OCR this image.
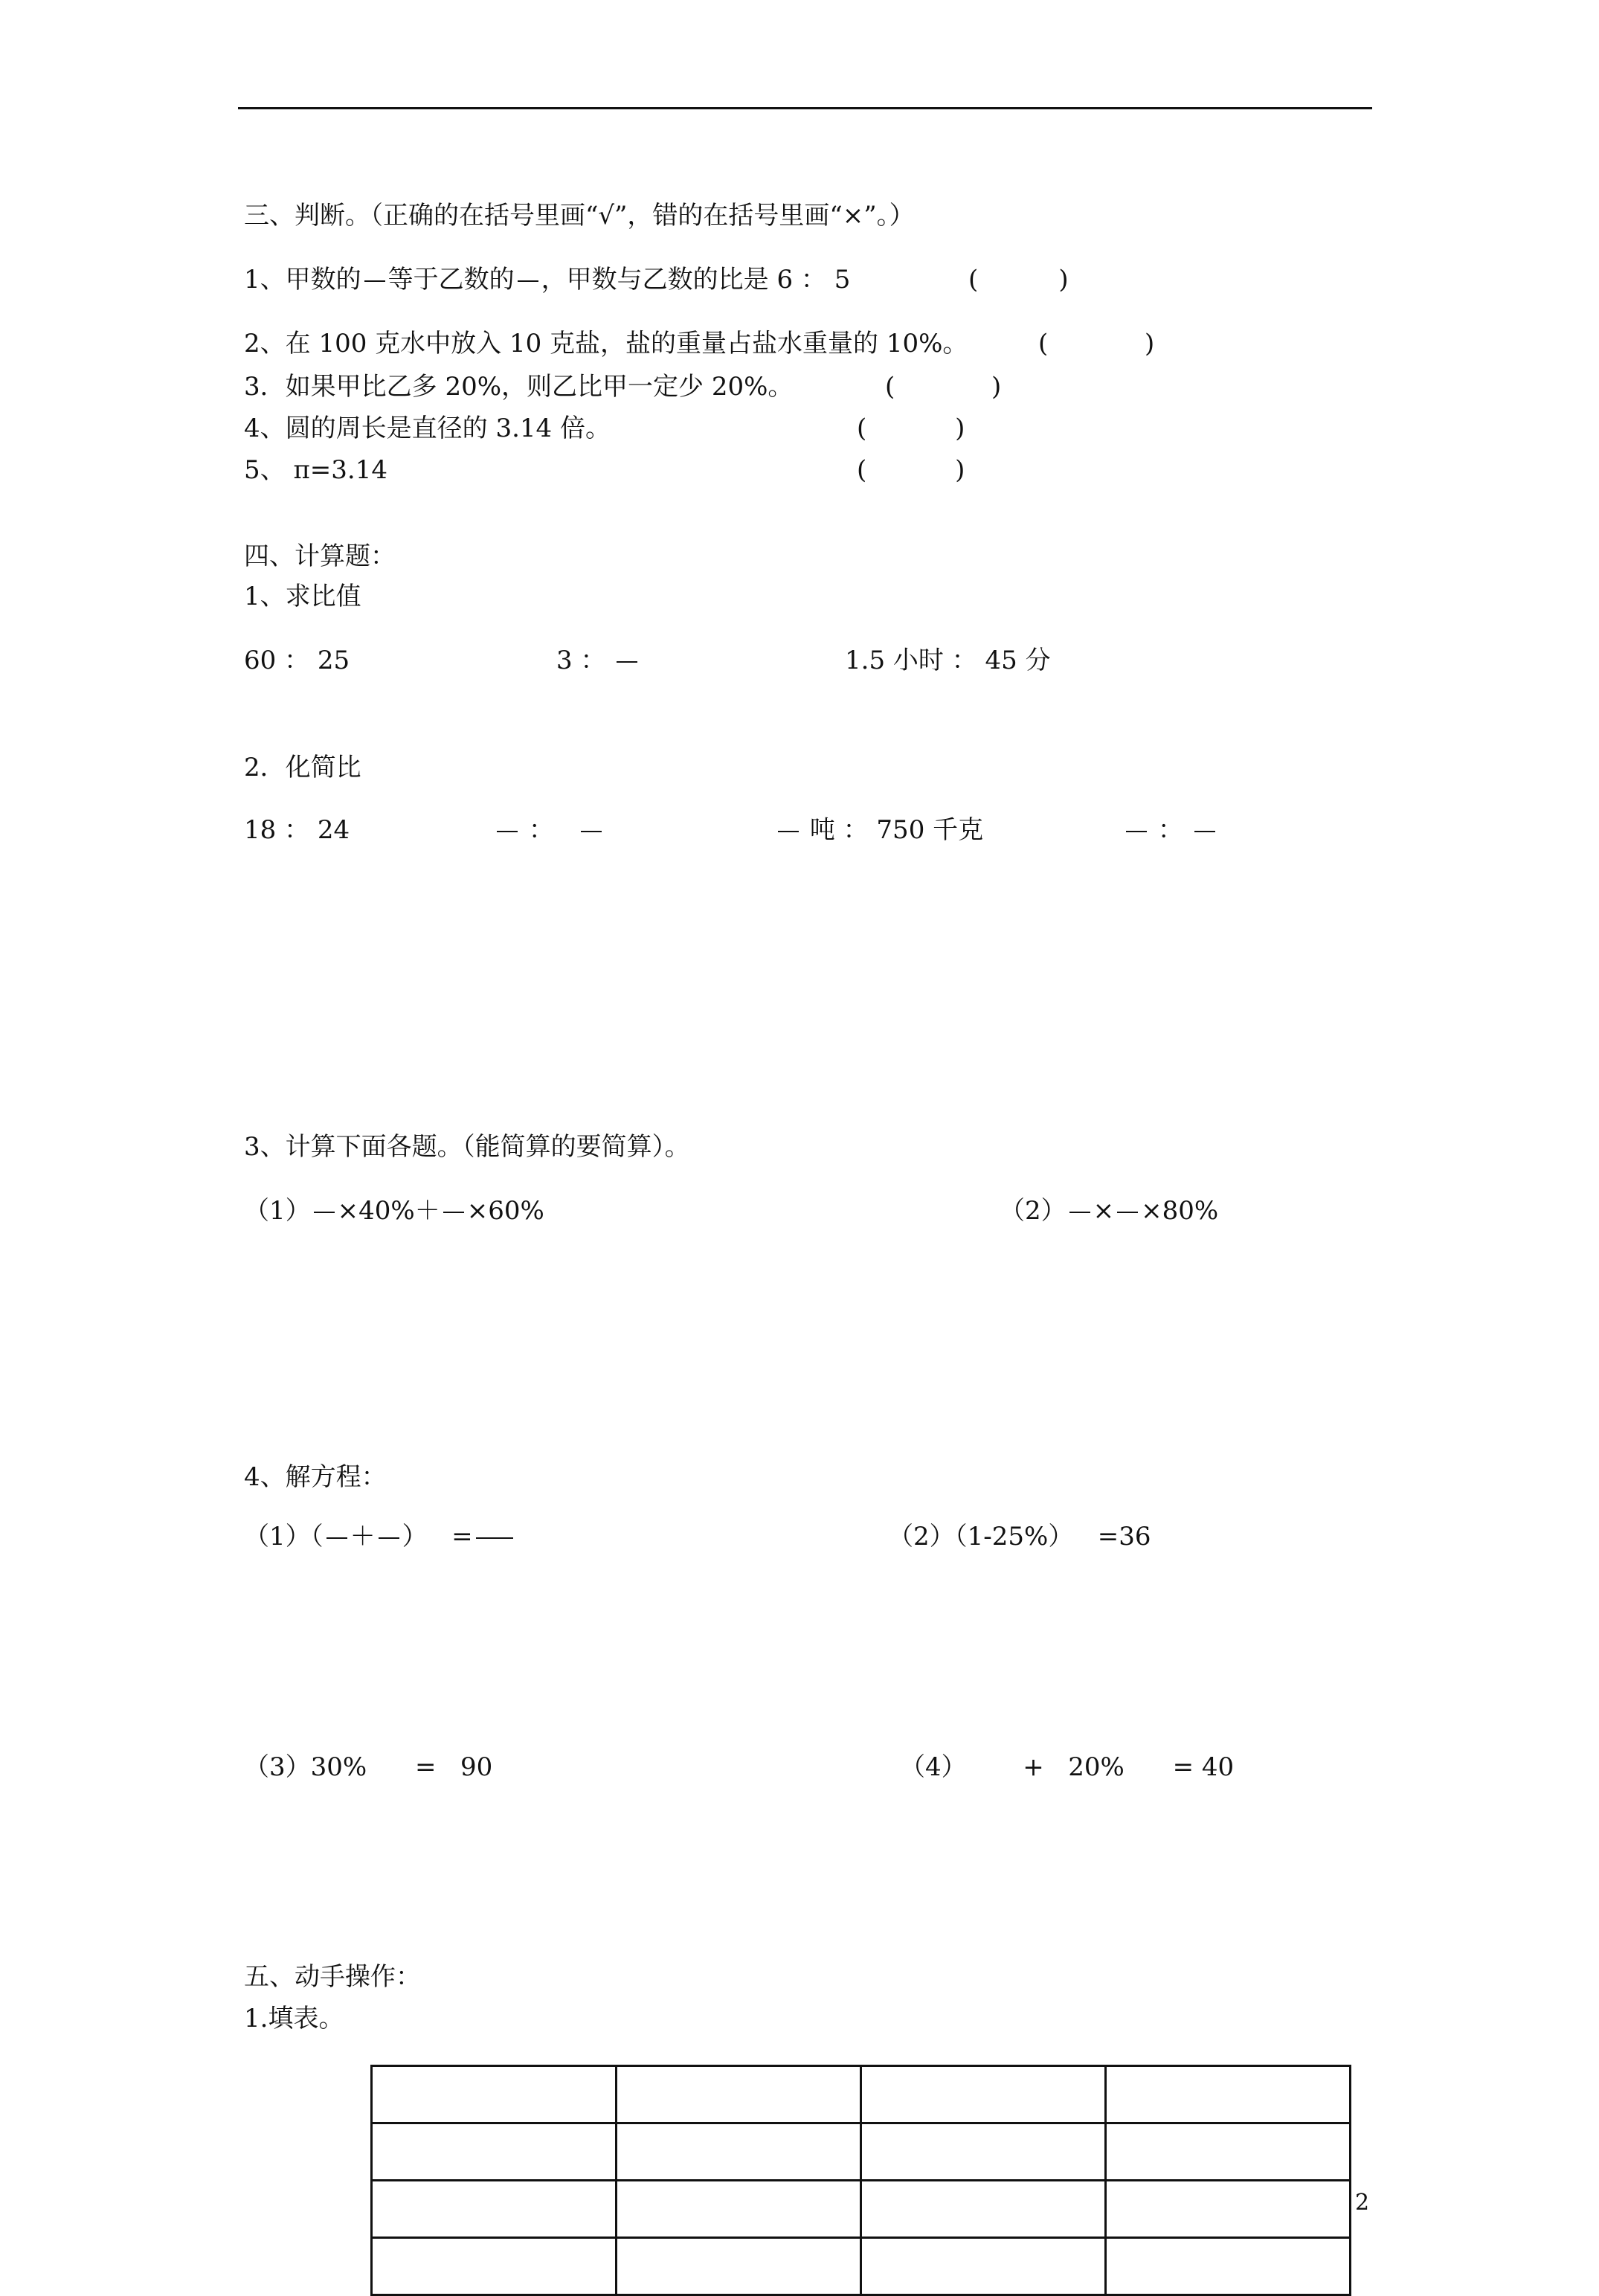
三、判断。（正确的在括号里画“√”，错的在括号里画“×”。）
1、甲数的 等于乙数的 ，甲数与乙数的比是 6 ： 5	(          )
2、在 100 克水中放入 10 克盐，盐的重量占盐水重量的 10%。	(            )
3．如果甲比乙多 20%，则乙比甲一定少 20%。	(            )
4、圆的周长是直径的 3.14 倍。	(           )
5、 π=3.14	(           )
四、计算题：
1、求比值
60 ： 25	3 ：	1.5 小时 ： 45 分
2．化简比
18 ： 24	：	吨 ： 750 千克	：
3、计算下面各题。（能简算的要简算）。
（1） ×40%＋ ×60%	（2） × ×80%
4、解方程：
（1）（ ＋ ）   =	（2）（1-25%）   =36
（3）30%      =   90	（4）       +   20%      = 40
五、动手操作：
1.填表。

2
